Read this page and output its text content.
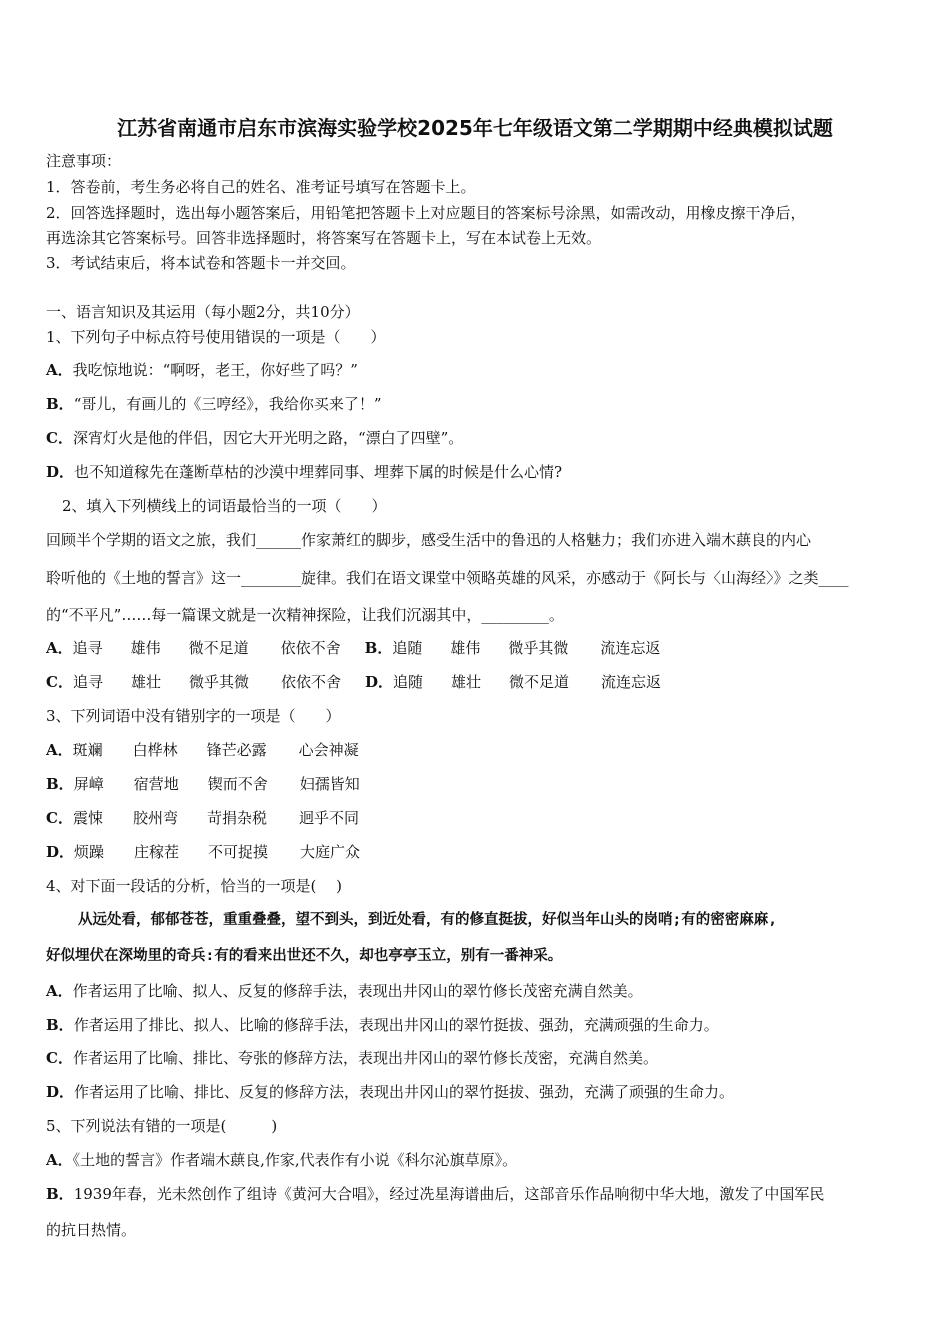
江苏省南通市启东市滨海实验学校2025年七年级语文第二学期期中经典模拟试题
注意事项：
1．答卷前，考生务必将自己的姓名、准考证号填写在答题卡上。
2．回答选择题时，选出每小题答案后，用铅笔把答题卡上对应题目的答案标号涂黑，如需改动，用橡皮擦干净后，
再选涂其它答案标号。回答非选择题时，将答案写在答题卡上，写在本试卷上无效。
3．考试结束后，将本试卷和答题卡一并交回。
一、语言知识及其运用（每小题2分，共10分）
1、下列句子中标点符号使用错误的一项是（　　）
A．我吃惊地说：“啊呀，老王，你好些了吗？”
B．“哥儿，有画儿的《三哼经》，我给你买来了！”
C．深宵灯火是他的伴侣，因它大开光明之路，“漂白了四壁”。
D．也不知道稼先在蓬断草枯的沙漠中埋葬同事、埋葬下属的时候是什么心情?
2、填入下列横线上的词语最恰当的一项（　　）
回顾半个学期的语文之旅，我们______作家萧红的脚步，感受生活中的鲁迅的人格魅力；我们亦进入端木蕻良的内心
聆听他的《土地的誓言》这一________旋律。我们在语文课堂中领略英雄的风采，亦感动于《阿长与〈山海经〉》之类____
的“不平凡”……每一篇课文就是一次精神探险，让我们沉溺其中，_________。
A．追寻 雄伟 微不足道 依依不舍 B．追随 雄伟 微乎其微 流连忘返
C．追寻 雄壮 微乎其微 依依不舍 D．追随 雄壮 微不足道 流连忘返
3、下列词语中没有错别字的一项是（　　）
A．斑斓 白桦林 锋芒必露 心会神凝
B．屏嶂 宿营地 锲而不舍 妇孺皆知
C．震悚 胶州弯 苛捐杂税 迥乎不同
D．烦躁 庄稼茬 不可捉摸 大庭广众
4、对下面一段话的分析，恰当的一项是(　 )
从远处看，郁郁苍苍，重重叠叠，望不到头，到近处看，有的修直挺拔，好似当年山头的岗哨;有的密密麻麻,
好似埋伏在深坳里的奇兵:有的看来出世还不久，却也亭亭玉立，别有一番神采。
A．作者运用了比喻、拟人、反复的修辞手法，表现出井冈山的翠竹修长茂密充满自然美。
B．作者运用了排比、拟人、比喻的修辞手法，表现出井冈山的翠竹挺拔、强劲，充满顽强的生命力。
C．作者运用了比喻、排比、夸张的修辞方法，表现出井冈山的翠竹修长茂密，充满自然美。
D．作者运用了比喻、排比、反复的修辞方法，表现出井冈山的翠竹挺拔、强劲，充满了顽强的生命力。
5、下列说法有错的一项是(　　　)
A．《土地的誓言》作者端木蕻良,作家,代表作有小说《科尔沁旗草原》。
B．1939年春，光未然创作了组诗《黄河大合唱》，经过冼星海谱曲后，这部音乐作品响彻中华大地，激发了中国军民
的抗日热情。
